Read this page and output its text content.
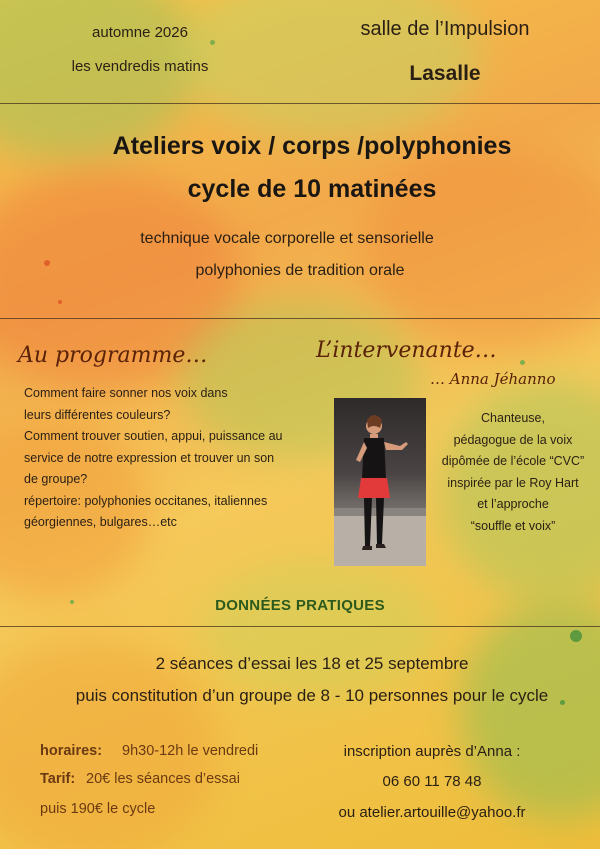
automne 2026
les vendredis matins
salle de l’Impulsion
Lasalle
Ateliers voix / corps /polyphonies
cycle de 10 matinées
technique vocale corporelle et sensorielle
polyphonies de tradition orale
Au programme…
Comment faire sonner nos voix dans
leurs différentes couleurs?
Comment trouver soutien, appui, puissance au
service de notre expression et trouver un son
de groupe?
répertoire: polyphonies occitanes, italiennes
géorgiennes, bulgares…etc
L’intervenante…
… Anna Jéhanno
Chanteuse,
pédagogue de la voix
dipômée de l’école “CVC”
inspirée par le Roy Hart
et l’approche
“souffle et voix”
DONNÉES PRATIQUES
2 séances d’essai les 18 et 25 septembre
puis constitution d’un groupe de 8 - 10 personnes pour le cycle
horaires: 9h30-12h le vendredi
Tarif: 20€ les séances d’essai
puis 190€ le cycle
inscription auprès d’Anna :
06 60 11 78 48
ou atelier.artouille@yahoo.fr
